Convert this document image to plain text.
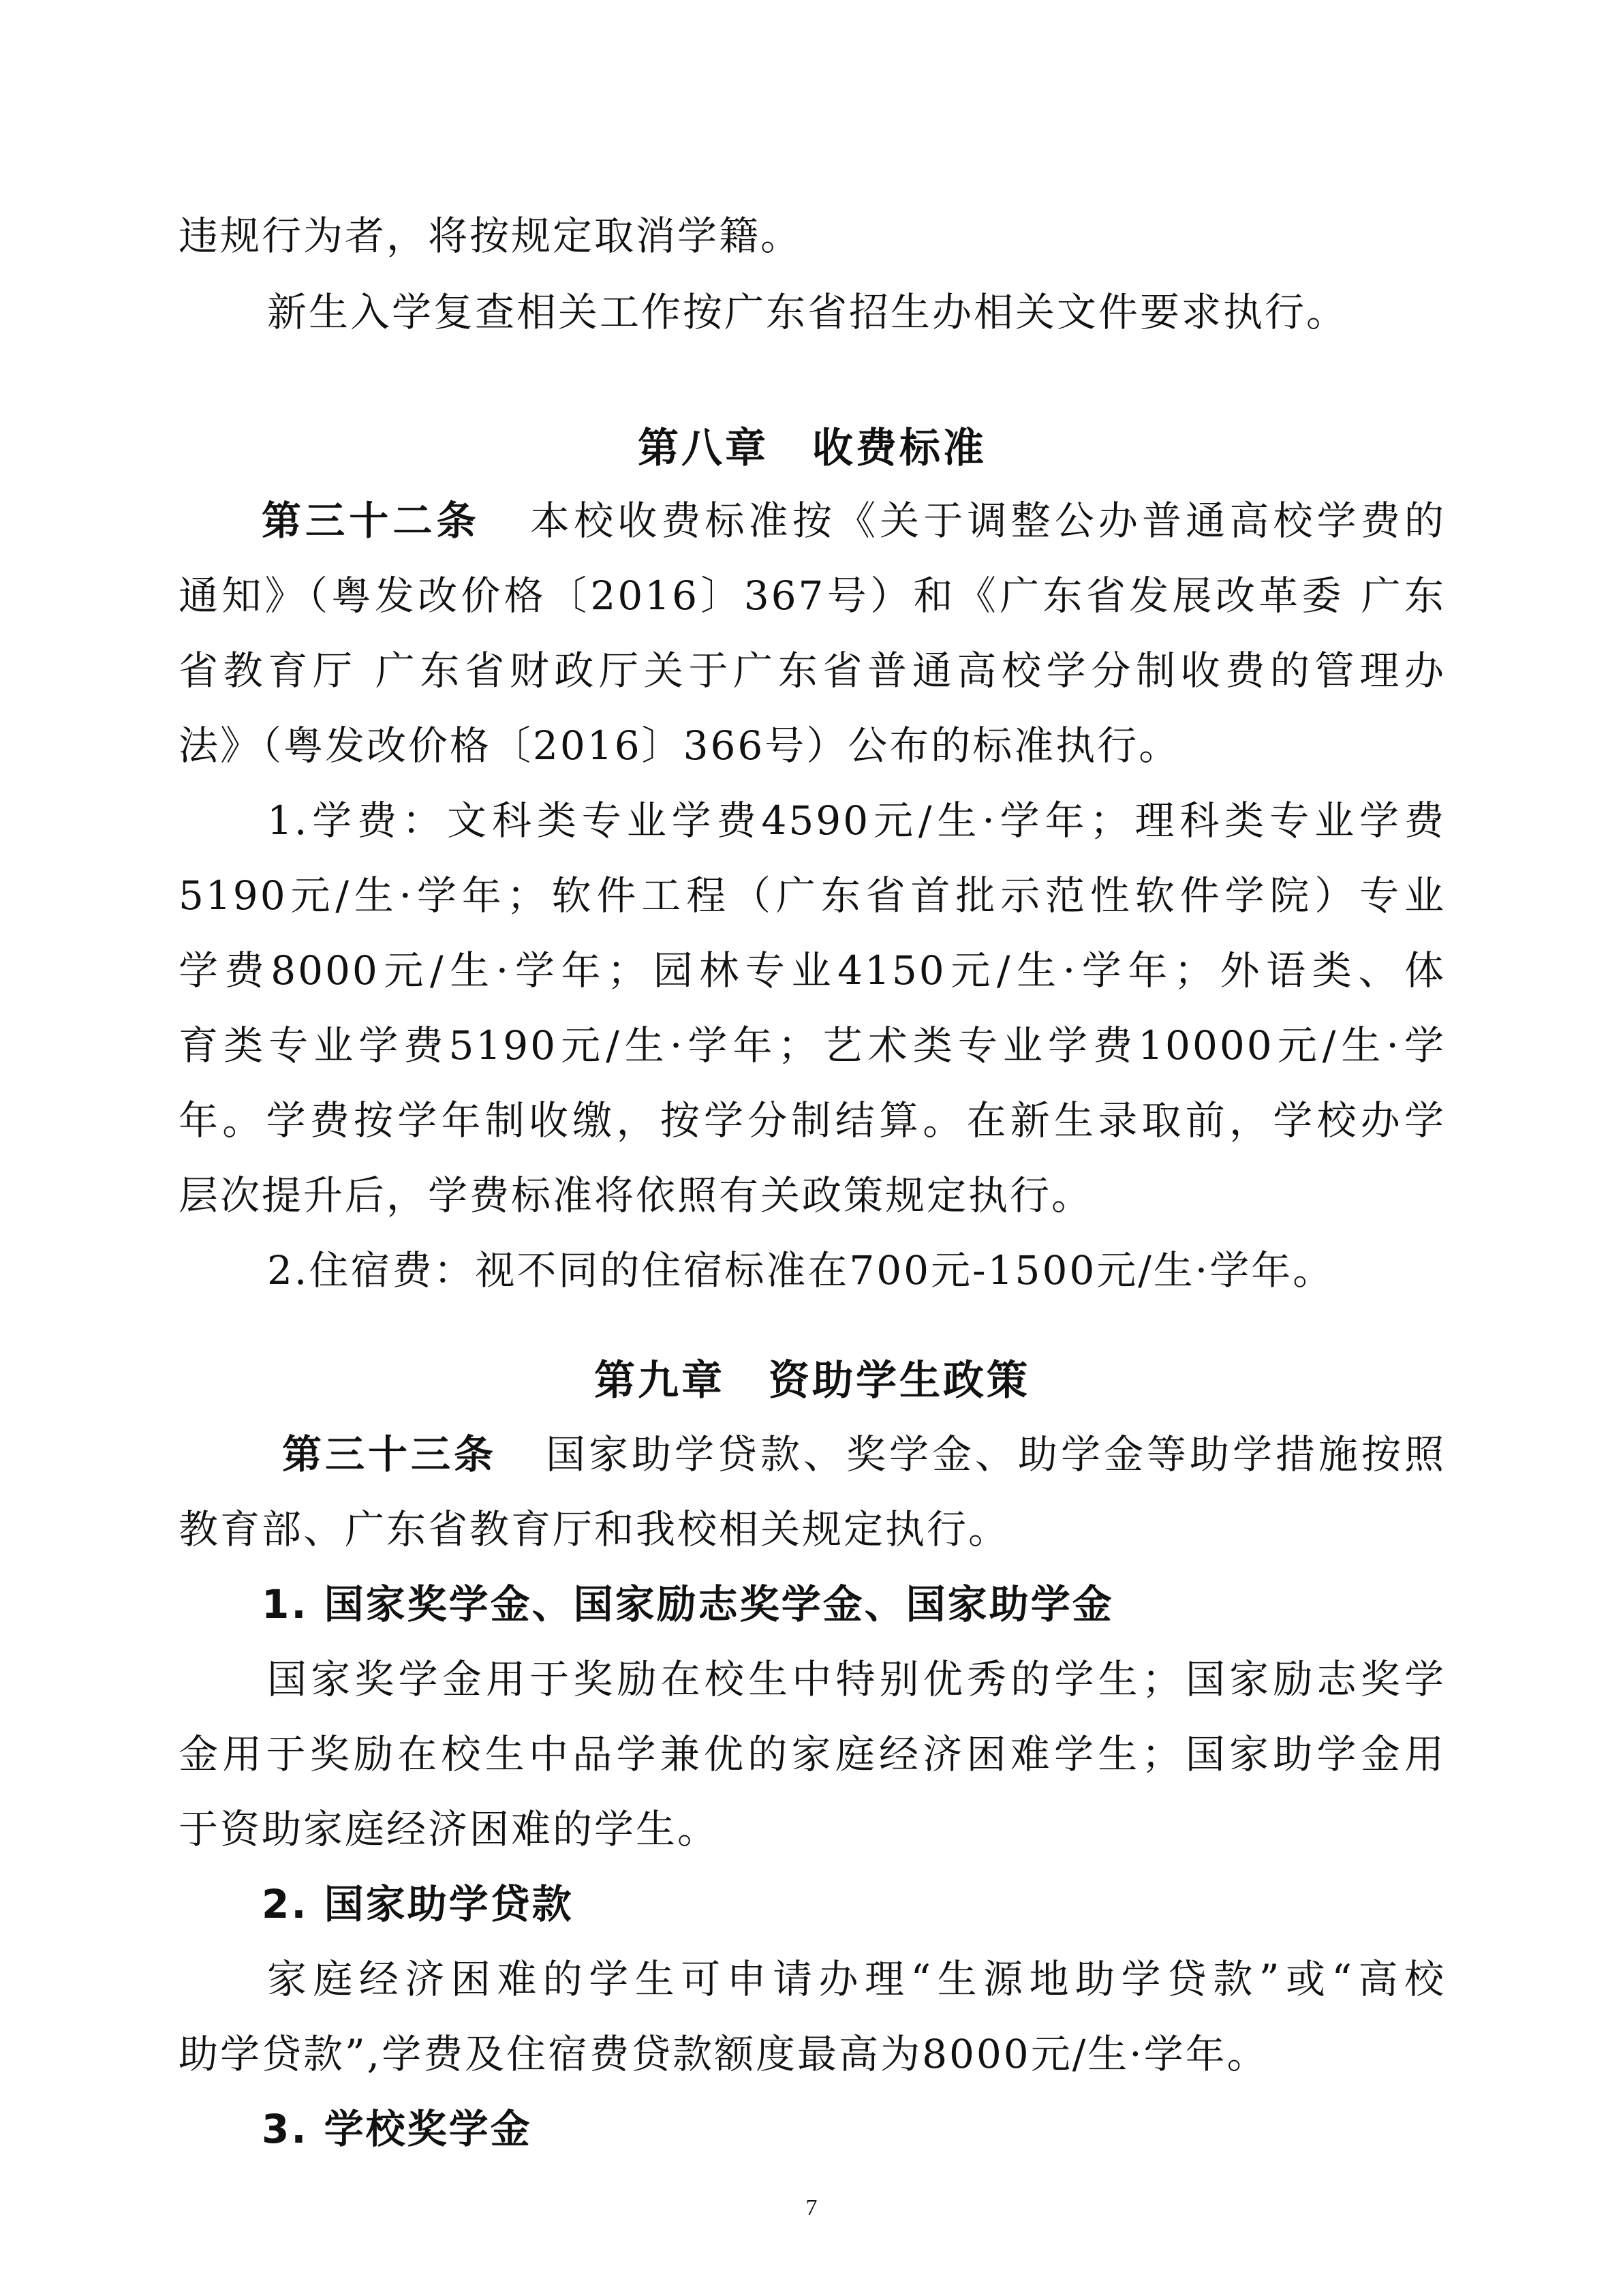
违规行为者，将按规定取消学籍。
新生入学复查相关工作按广东省招生办相关文件要求执行。
第八章　收费标准
第三十二条 本校收费标准按《关于调整公办普通高校学费的
通知》（粤发改价格〔2016〕367号）和《广东省发展改革委 广东
省教育厅 广东省财政厅关于广东省普通高校学分制收费的管理办
法》（粤发改价格〔2016〕366号）公布的标准执行。
1.学费：文科类专业学费4590元/生·学年；理科类专业学费
5190元/生·学年；软件工程（广东省首批示范性软件学院）专业
学费8000元/生·学年；园林专业4150元/生·学年；外语类、体
育类专业学费5190元/生·学年；艺术类专业学费10000元/生·学
年。学费按学年制收缴，按学分制结算。在新生录取前，学校办学
层次提升后，学费标准将依照有关政策规定执行。
2.住宿费：视不同的住宿标准在700元-1500元/生·学年。
第九章　资助学生政策
第三十三条 国家助学贷款、奖学金、助学金等助学措施按照
教育部、广东省教育厅和我校相关规定执行。
1. 国家奖学金、国家励志奖学金、国家助学金
国家奖学金用于奖励在校生中特别优秀的学生；国家励志奖学
金用于奖励在校生中品学兼优的家庭经济困难学生；国家助学金用
于资助家庭经济困难的学生。
2. 国家助学贷款
家庭经济困难的学生可申请办理“生源地助学贷款”或“高校
助学贷款”,学费及住宿费贷款额度最高为8000元/生·学年。
3. 学校奖学金
7
